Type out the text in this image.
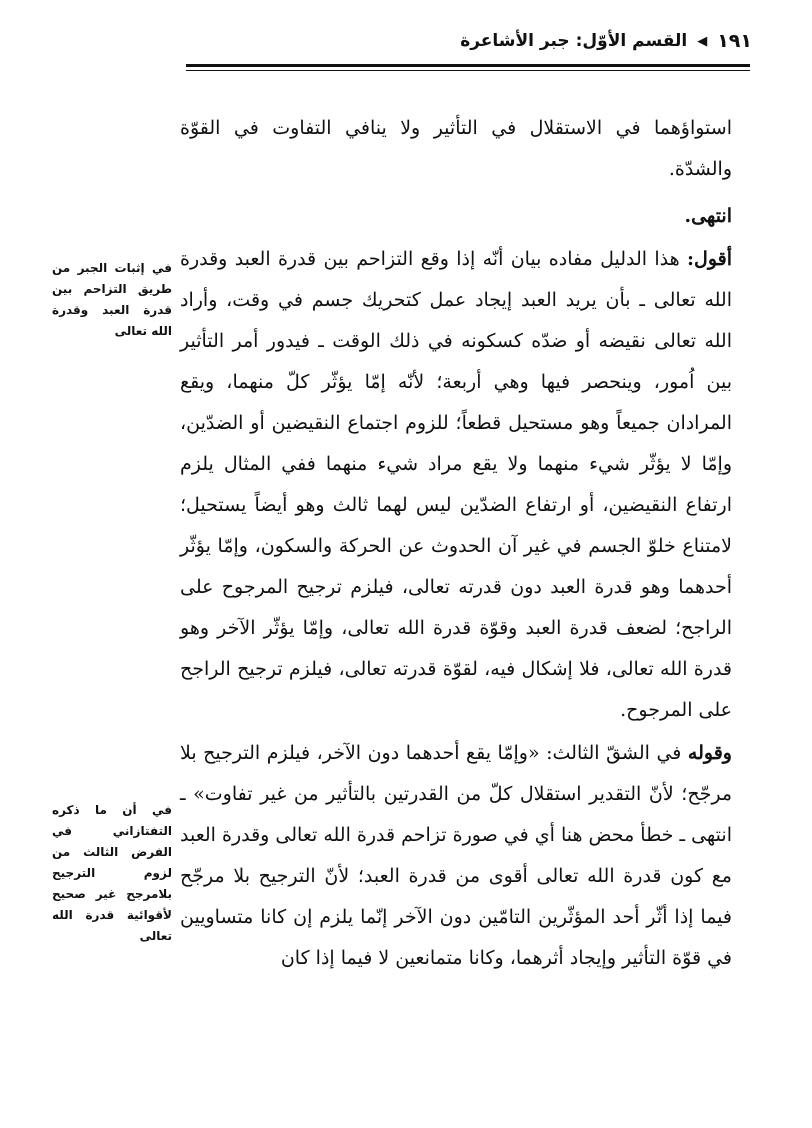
١٩١
◀
القسم الأوّل: جبر الأشاعرة

استواؤهما في الاستقلال في التأثير ولا ينافي التفاوت في القوّة والشدّة.

انتهى.

أقول: هذا الدليل مفاده بيان أنّه إذا وقع التزاحم بين قدرة العبد وقدرة الله تعالى ـ بأن يريد العبد إيجاد عمل كتحريك جسم في وقت، وأراد الله تعالى نقيضه أو ضدّه كسكونه في ذلك الوقت ـ فيدور أمر التأثير بين اُمور، وينحصر فيها وهي أربعة؛ لأنّه إمّا يؤثّر كلّ منهما، ويقع المرادان جميعاً وهو مستحيل قطعاً؛ للزوم اجتماع النقيضين أو الضدّين، وإمّا لا يؤثّر شيء منهما ولا يقع مراد شيء منهما ففي المثال يلزم ارتفاع النقيضين، أو ارتفاع الضدّين ليس لهما ثالث وهو أيضاً يستحيل؛ لامتناع خلوّ الجسم في غير آن الحدوث عن الحركة والسكون، وإمّا يؤثّر أحدهما وهو قدرة العبد دون قدرته تعالى، فيلزم ترجيح المرجوح على الراجح؛ لضعف قدرة العبد وقوّة قدرة الله تعالى، وإمّا يؤثّر الآخر وهو قدرة الله تعالى، فلا إشكال فيه، لقوّة قدرته تعالى، فيلزم ترجيح الراجح على المرجوح.

وقوله في الشقّ الثالث: «وإمّا يقع أحدهما دون الآخر، فيلزم الترجيح بلا مرجّح؛ لأنّ التقدير استقلال كلّ من القدرتين بالتأثير من غير تفاوت» ـ انتهى ـ خطأ محض هنا أي في صورة تزاحم قدرة الله تعالى وقدرة العبد مع كون قدرة الله تعالى أقوى من قدرة العبد؛ لأنّ الترجيح بلا مرجّح فيما إذا أثّر أحد المؤثّرين التامّين دون الآخر إنّما يلزم إن كانا متساويين في قوّة التأثير وإيجاد أثرهما، وكانا متمانعين لا فيما إذا كان

في إثبات الجبر من طريق التزاحم بين قدرة العبد وقدرة الله تعالى
في أن ما ذكره التفتازاني في الفرض الثالث من لزوم الترجيح بلامرجح غير صحيح لأقوائية قدرة الله تعالى
